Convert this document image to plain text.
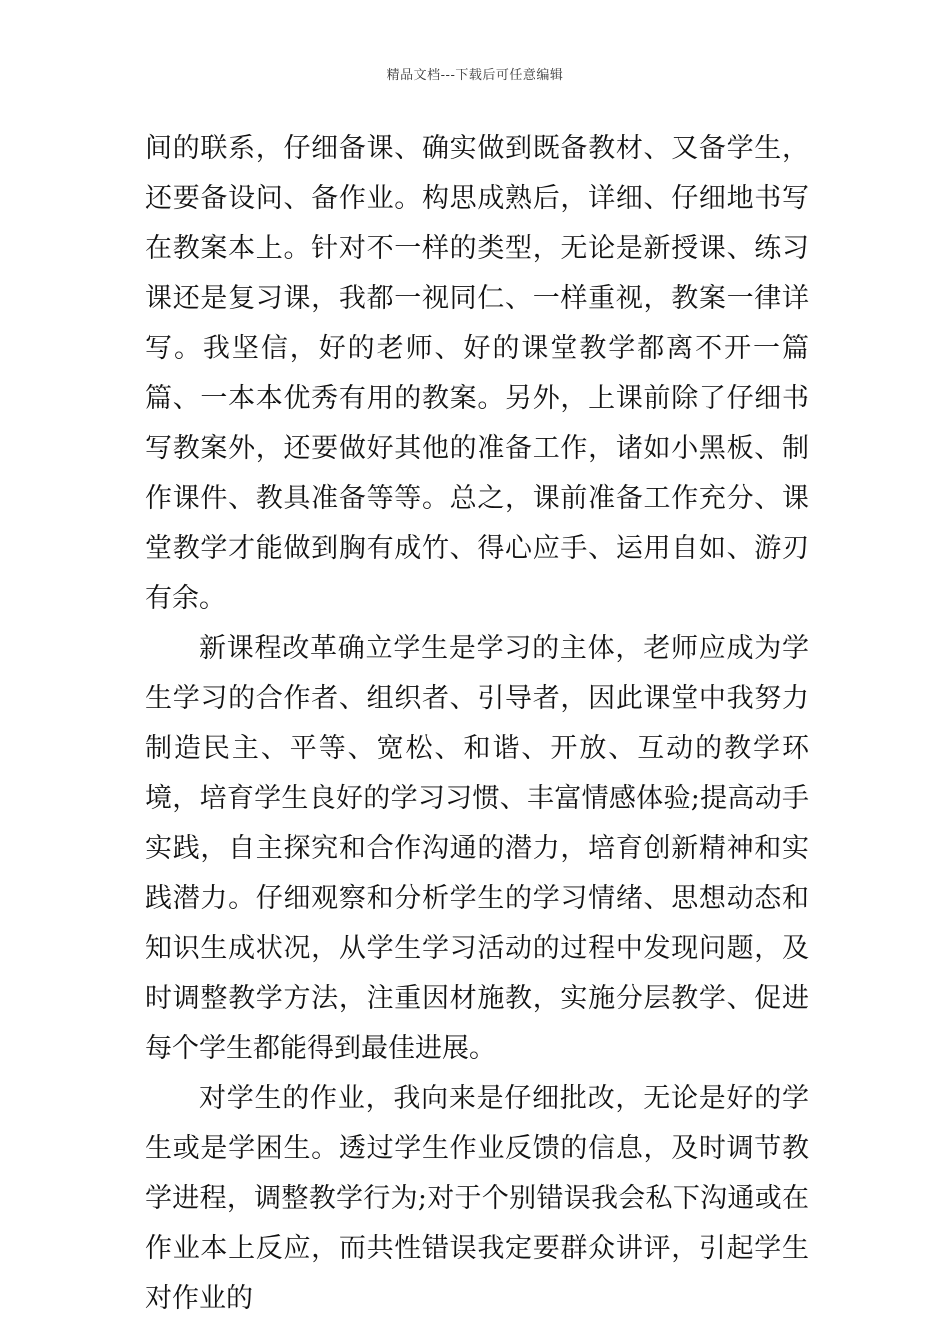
精品文档---下载后可任意编辑

间的联系，仔细备课、确实做到既备教材、又备学生，还要备设问、备作业。构思成熟后，详细、仔细地书写在教案本上。针对不一样的类型，无论是新授课、练习课还是复习课，我都一视同仁、一样重视，教案一律详写。我坚信，好的老师、好的课堂教学都离不开一篇篇、一本本优秀有用的教案。另外，上课前除了仔细书写教案外，还要做好其他的准备工作，诸如小黑板、制作课件、教具准备等等。总之，课前准备工作充分、课堂教学才能做到胸有成竹、得心应手、运用自如、游刃有余。

新课程改革确立学生是学习的主体，老师应成为学生学习的合作者、组织者、引导者，因此课堂中我努力制造民主、平等、宽松、和谐、开放、互动的教学环境，培育学生良好的学习习惯、丰富情感体验;提高动手实践，自主探究和合作沟通的潜力，培育创新精神和实践潜力。仔细观察和分析学生的学习情绪、思想动态和知识生成状况，从学生学习活动的过程中发现问题，及时调整教学方法，注重因材施教，实施分层教学、促进每个学生都能得到最佳进展。

对学生的作业，我向来是仔细批改，无论是好的学生或是学困生。透过学生作业反馈的信息，及时调节教学进程，调整教学行为;对于个别错误我会私下沟通或在作业本上反应，而共性错误我定要群众讲评，引起学生对作业的
